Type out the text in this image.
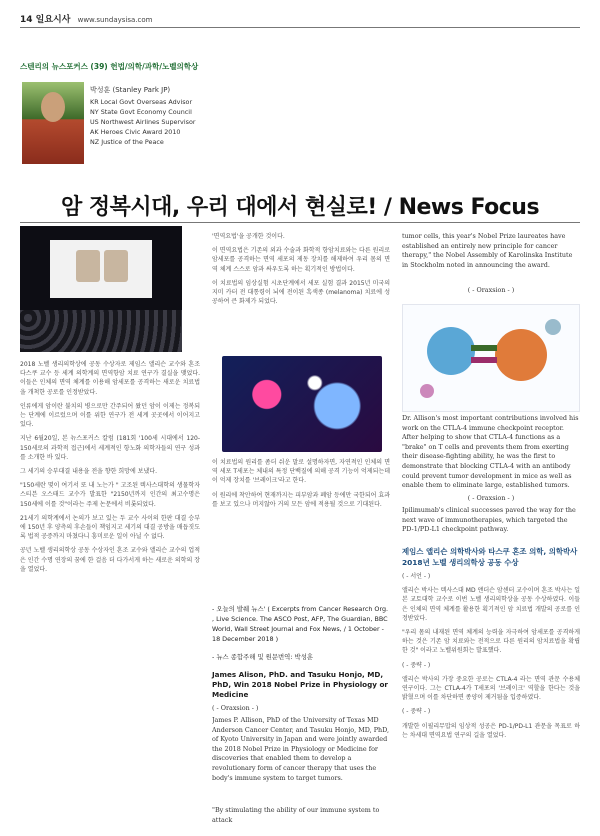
14 일요시사 www.sundaysisa.com
스텐리의 뉴스포커스 (39) 헌법/의학/과학/노벨의학상
박성훈 (Stanley Park JP)
KR Local Govt Overseas Advisor
NY State Govt Economy Council
US Northwest Airlines Supervisor
AK Heroes Civic Award 2010
NZ Justice of the Peace
암 정복시대, 우리 대에서 현실로! / News Focus

2018 노벨 생리의학상에 공동 수상자로 제임스 앨리슨 교수와 혼조 다스쿠 교수 등 세계 의학계의 면역항암 치료 연구가 결실을 맺었다. 이들은 인체의 면역 체계를 이용해 암세포를 공격하는 새로운 치료법을 개척한 공로를 인정받았다.

인류에게 암이란 불치의 병으로만 간주되어 왔던 암이 이제는 정복되는 단계에 이르렀으며 이를 위한 연구가 전 세계 곳곳에서 이어지고 있다.

지난 6월20일, 본 뉴스포커스 칼럼 (181회 '100세 시대에서 120-150세로의 과학적 접근)에서 세계적인 항노화 의학자들의 연구 성과를 소개한 바 있다.

그 세기의 승부대결 내용을 전을 향한 희망에 보냈다.

"150세란 몇이 여기서 또 내 노는가 " 고조된 텍사스대학의 생물학자 스티븐 오스태드 교수가 발표한 "2150년까지 인간의 최고수명은 150세에 이를 것"이라는 주제 논문에서 비롯되었다.

21세기 의학계에서 논의가 보고 있는 두 교수 사이의 한판 대결 승부에 150년 후 양측의 후손들이 책임지고 세기의 대결 공방을 매듭짓도록 법적 공증까지 마쳤다니 흥미로운 일이 아닐 수 없다.

공년 노벨 생리의학상 공동 수상자인 혼조 교수와 앨리슨 교수의 업적은 인간 수명 연장의 꿈에 한 걸음 더 다가서게 하는 새로운 의학의 장을 열었다.

'면역요법'을 공개한 것이다.

이 면역요법은 기존의 외과 수술과 화학적 항암치료와는 다른 원리로 암세포를 공격하는 면역 세포의 제동 장치를 해제하여 우리 몸의 면역 체계 스스로 암과 싸우도록 하는 획기적인 방법이다.

이 치료법의 임상실험 시초단계에서 세포 실험 결과 2015년 미국의 지미 카터 전 대통령이 뇌에 전이된 흑색종 (melanoma) 치료에 성공하여 큰 화제가 되었다.

이 치료법의 원리를 좀더 쉬운 말로 설명하자면, 자연적인 인체의 면역 세포 T세포는 체내의 특정 단백질에 의해 공격 기능이 억제되는데 이 억제 장치를 '브레이크'라고 한다.

이 원리에 착안하여 현재까지는 피부암과 폐암 등에만 국한되어 효과를 보고 있으나 머지않아 거의 모든 암에 적용될 것으로 기대된다.

- 오늘의 발췌 뉴스' ( Excerpts from Cancer Research Org. , Live Science. The ASCO Post, AFP, The Guardian, BBC World, Wall Street Journal and Fox News, / 1 October - 18 December 2018 )
- 뉴스 종합주해 및 원문번역: 박성훈
James Alison, PhD. and Tasuku Honjo, MD, PhD, Win 2018 Nobel Prize in Physiology or Medicine
( - Oraxsion - )
James P. Allison, PhD of the University of Texas MD Anderson Cancer Center, and Tasuku Honjo, MD, PhD, of Kyoto University in Japan and were jointly awarded the 2018 Nobel Prize in Physiology or Medicine for discoveries that enabled them to develop a revolutionary form of cancer therapy that uses the body's immune system to target tumors.
"By stimulating the ability of our immune system to attack
tumor cells, this year's Nobel Prize laureates have established an entirely new principle for cancer therapy," the Nobel Assembly of Karolinska Institute in Stockholm noted in announcing the award.
( - Oraxsion - )
Dr. Allison's most important contributions involved his work on the CTLA-4 immune checkpoint receptor. After helping to show that CTLA-4 functions as a "brake" on T cells and prevents them from exerting their disease-fighting ability, he was the first to demonstrate that blocking CTLA-4 with an antibody could prevent tumor development in mice as well as enable them to eliminate large, established tumors.
( - Oraxsion - )
Ipilimumab's clinical successes paved the way for the next wave of immunotherapies, which targeted the PD-1/PD-L1 checkpoint pathway.
제임스 앨리슨 의학박사와 타스쿠 혼조 의학, 의학박사 2018년 노벨 생리의학상 공동 수상

( - 서언 - )

앨리슨 박사는 텍사스대 MD 앤더슨 암센터 교수이며 혼조 박사는 일본 교토대학 교수로 이번 노벨 생리의학상을 공동 수상하였다. 이들은 인체의 면역 체계를 활용한 획기적인 암 치료법 개발의 공로를 인정받았다.

"우리 몸의 내재된 면역 체계의 능력을 자극하여 암세포를 공격하게 하는 것은 기존 암 치료와는 전적으로 다른 원리의 암치료법을 확립한 것" 이라고 노벨위원회는 발표했다.

( - 중략 - )

앨리슨 박사의 가장 중요한 공로는 CTLA-4 라는 면역 관문 수용체 연구이다. 그는 CTLA-4가 T세포의 '브레이크' 역할을 한다는 것을 밝혔으며 이를 차단하면 종양이 제거됨을 입증하였다.

( - 중략 - )

개발한 이필리무맙의 임상적 성공은 PD-1/PD-L1 관문을 목표로 하는 차세대 면역요법 연구의 길을 열었다.
